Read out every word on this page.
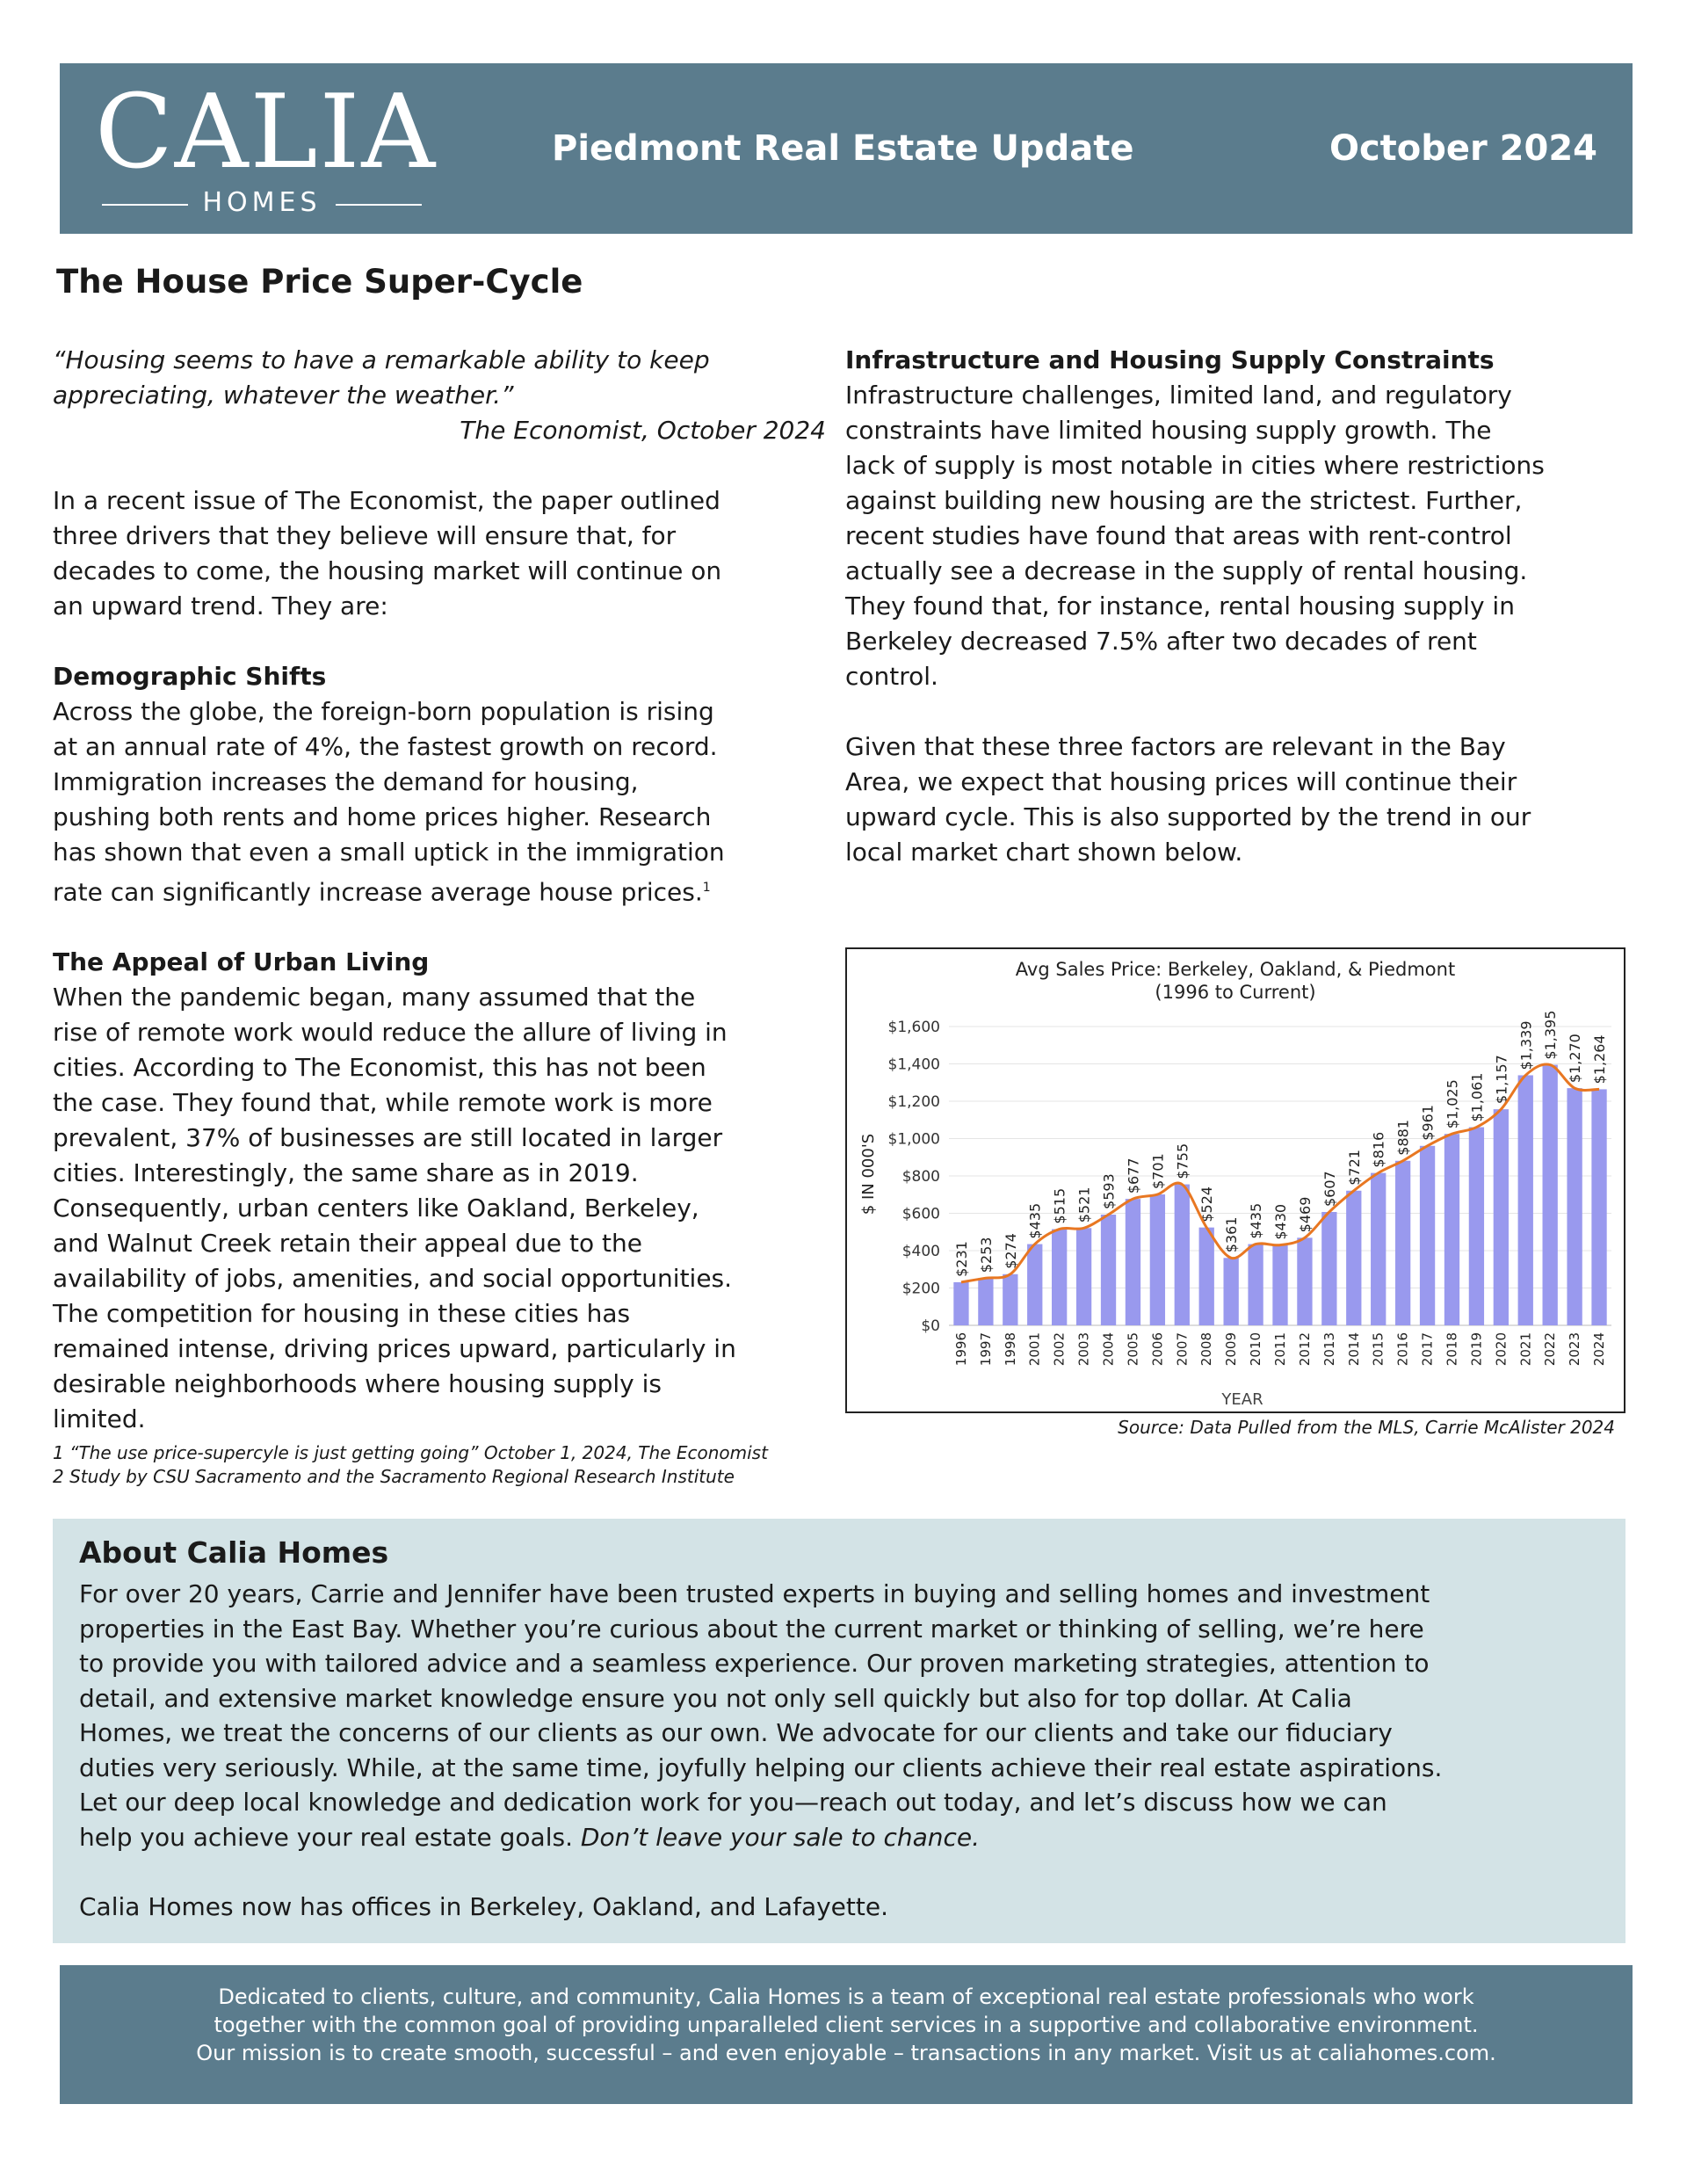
CALIA
HOMES
Piedmont Real Estate Update	October 2024
The House Price Super-Cycle
“Housing seems to have a remarkable ability to keep
appreciating, whatever the weather.”
The Economist, October 2024
In a recent issue of The Economist, the paper outlined
three drivers that they believe will ensure that, for
decades to come, the housing market will continue on
an upward trend. They are:
Demographic Shifts
Across the globe, the foreign-born population is rising
at an annual rate of 4%, the fastest growth on record.
Immigration increases the demand for housing,
pushing both rents and home prices higher. Research
has shown that even a small uptick in the immigration
rate can significantly increase average house prices.$^1$
The Appeal of Urban Living
When the pandemic began, many assumed that the
rise of remote work would reduce the allure of living in
cities. According to The Economist, this has not been
the case. They found that, while remote work is more
prevalent, 37% of businesses are still located in larger
cities. Interestingly, the same share as in 2019.
Consequently, urban centers like Oakland, Berkeley,
and Walnut Creek retain their appeal due to the
availability of jobs, amenities, and social opportunities.
The competition for housing in these cities has
remained intense, driving prices upward, particularly in
desirable neighborhoods where housing supply is
limited.
1 “The use price-supercyle is just getting going” October 1, 2024, The Economist
2 Study by CSU Sacramento and the Sacramento Regional Research Institute
Infrastructure and Housing Supply Constraints
Infrastructure challenges, limited land, and regulatory
constraints have limited housing supply growth. The
lack of supply is most notable in cities where restrictions
against building new housing are the strictest. Further,
recent studies have found that areas with rent-control
actually see a decrease in the supply of rental housing.
They found that, for instance, rental housing supply in
Berkeley decreased 7.5% after two decades of rent
control.
Given that these three factors are relevant in the Bay
Area, we expect that housing prices will continue their
upward cycle. This is also supported by the trend in our
local market chart shown below.
Avg Sales Price: Berkeley, Oakland, & Piedmont
(1996 to Current)
$0
$200
$400
$600
$800
$1,000
$1,200
$1,400
$1,600
$231 $253 $274
$435 $515 $521 $593 $677 $701 $755
$524
$361 $435 $430 $469
$607
$721 $816 $881 $961 $1,025 $1,061 $1,157
$1,339 $1,395 $1,270 $1,264
1996 1997 1998 2001 2002 2003 2004 2005 2006 2007 2008 2009 2010 2011 2012 2013 2014 2015 2016 2017 2018 2019 2020 2021 2022 2023 2024
$ IN 000'S
YEAR
Source: Data Pulled from the MLS, Carrie McAlister 2024
About Calia Homes
For over 20 years, Carrie and Jennifer have been trusted experts in buying and selling homes and investment
properties in the East Bay. Whether you’re curious about the current market or thinking of selling, we’re here
to provide you with tailored advice and a seamless experience. Our proven marketing strategies, attention to
detail, and extensive market knowledge ensure you not only sell quickly but also for top dollar. At Calia
Homes, we treat the concerns of our clients as our own. We advocate for our clients and take our fiduciary
duties very seriously. While, at the same time, joyfully helping our clients achieve their real estate aspirations.
Let our deep local knowledge and dedication work for you—reach out today, and let’s discuss how we can
help you achieve your real estate goals. Don’t leave your sale to chance.
Calia Homes now has offices in Berkeley, Oakland, and Lafayette.
Dedicated to clients, culture, and community, Calia Homes is a team of exceptional real estate professionals who work
together with the common goal of providing unparalleled client services in a supportive and collaborative environment.
Our mission is to create smooth, successful – and even enjoyable – transactions in any market. Visit us at caliahomes.com.
